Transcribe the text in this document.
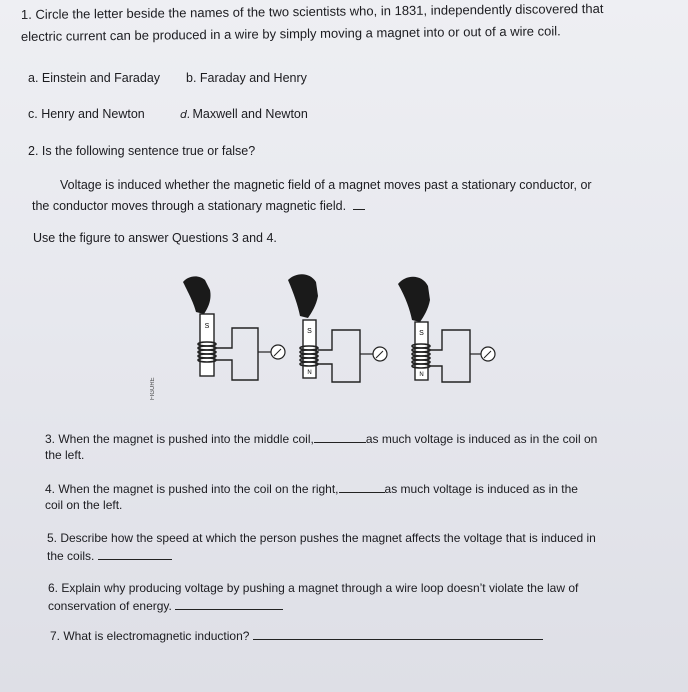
1. Circle the letter beside the names of the two scientists who, in 1831, independently discovered that
electric current can be produced in a wire by simply moving a magnet into or out of a wire coil.
a. Einstein and Faraday b. Faraday and Henry
c. Henry and Newton	d. Maxwell and Newton
2. Is the following sentence true or false?
Voltage is induced whether the magnetic field of a magnet moves past a stationary conductor, or
the conductor moves through a stationary magnetic field.
Use the figure to answer Questions 3 and 4.
FIGURE
S
S
N
S
N
3. When the magnet is pushed into the middle coil,	as much voltage is induced as in the coil on
the left.
4. When the magnet is pushed into the coil on the right,	as much voltage is induced as in the
coil on the left.
5. Describe how the speed at which the person pushes the magnet affects the voltage that is induced in
the coils.
6. Explain why producing voltage by pushing a magnet through a wire loop doesn’t violate the law of
conservation of energy.
7. What is electromagnetic induction?
